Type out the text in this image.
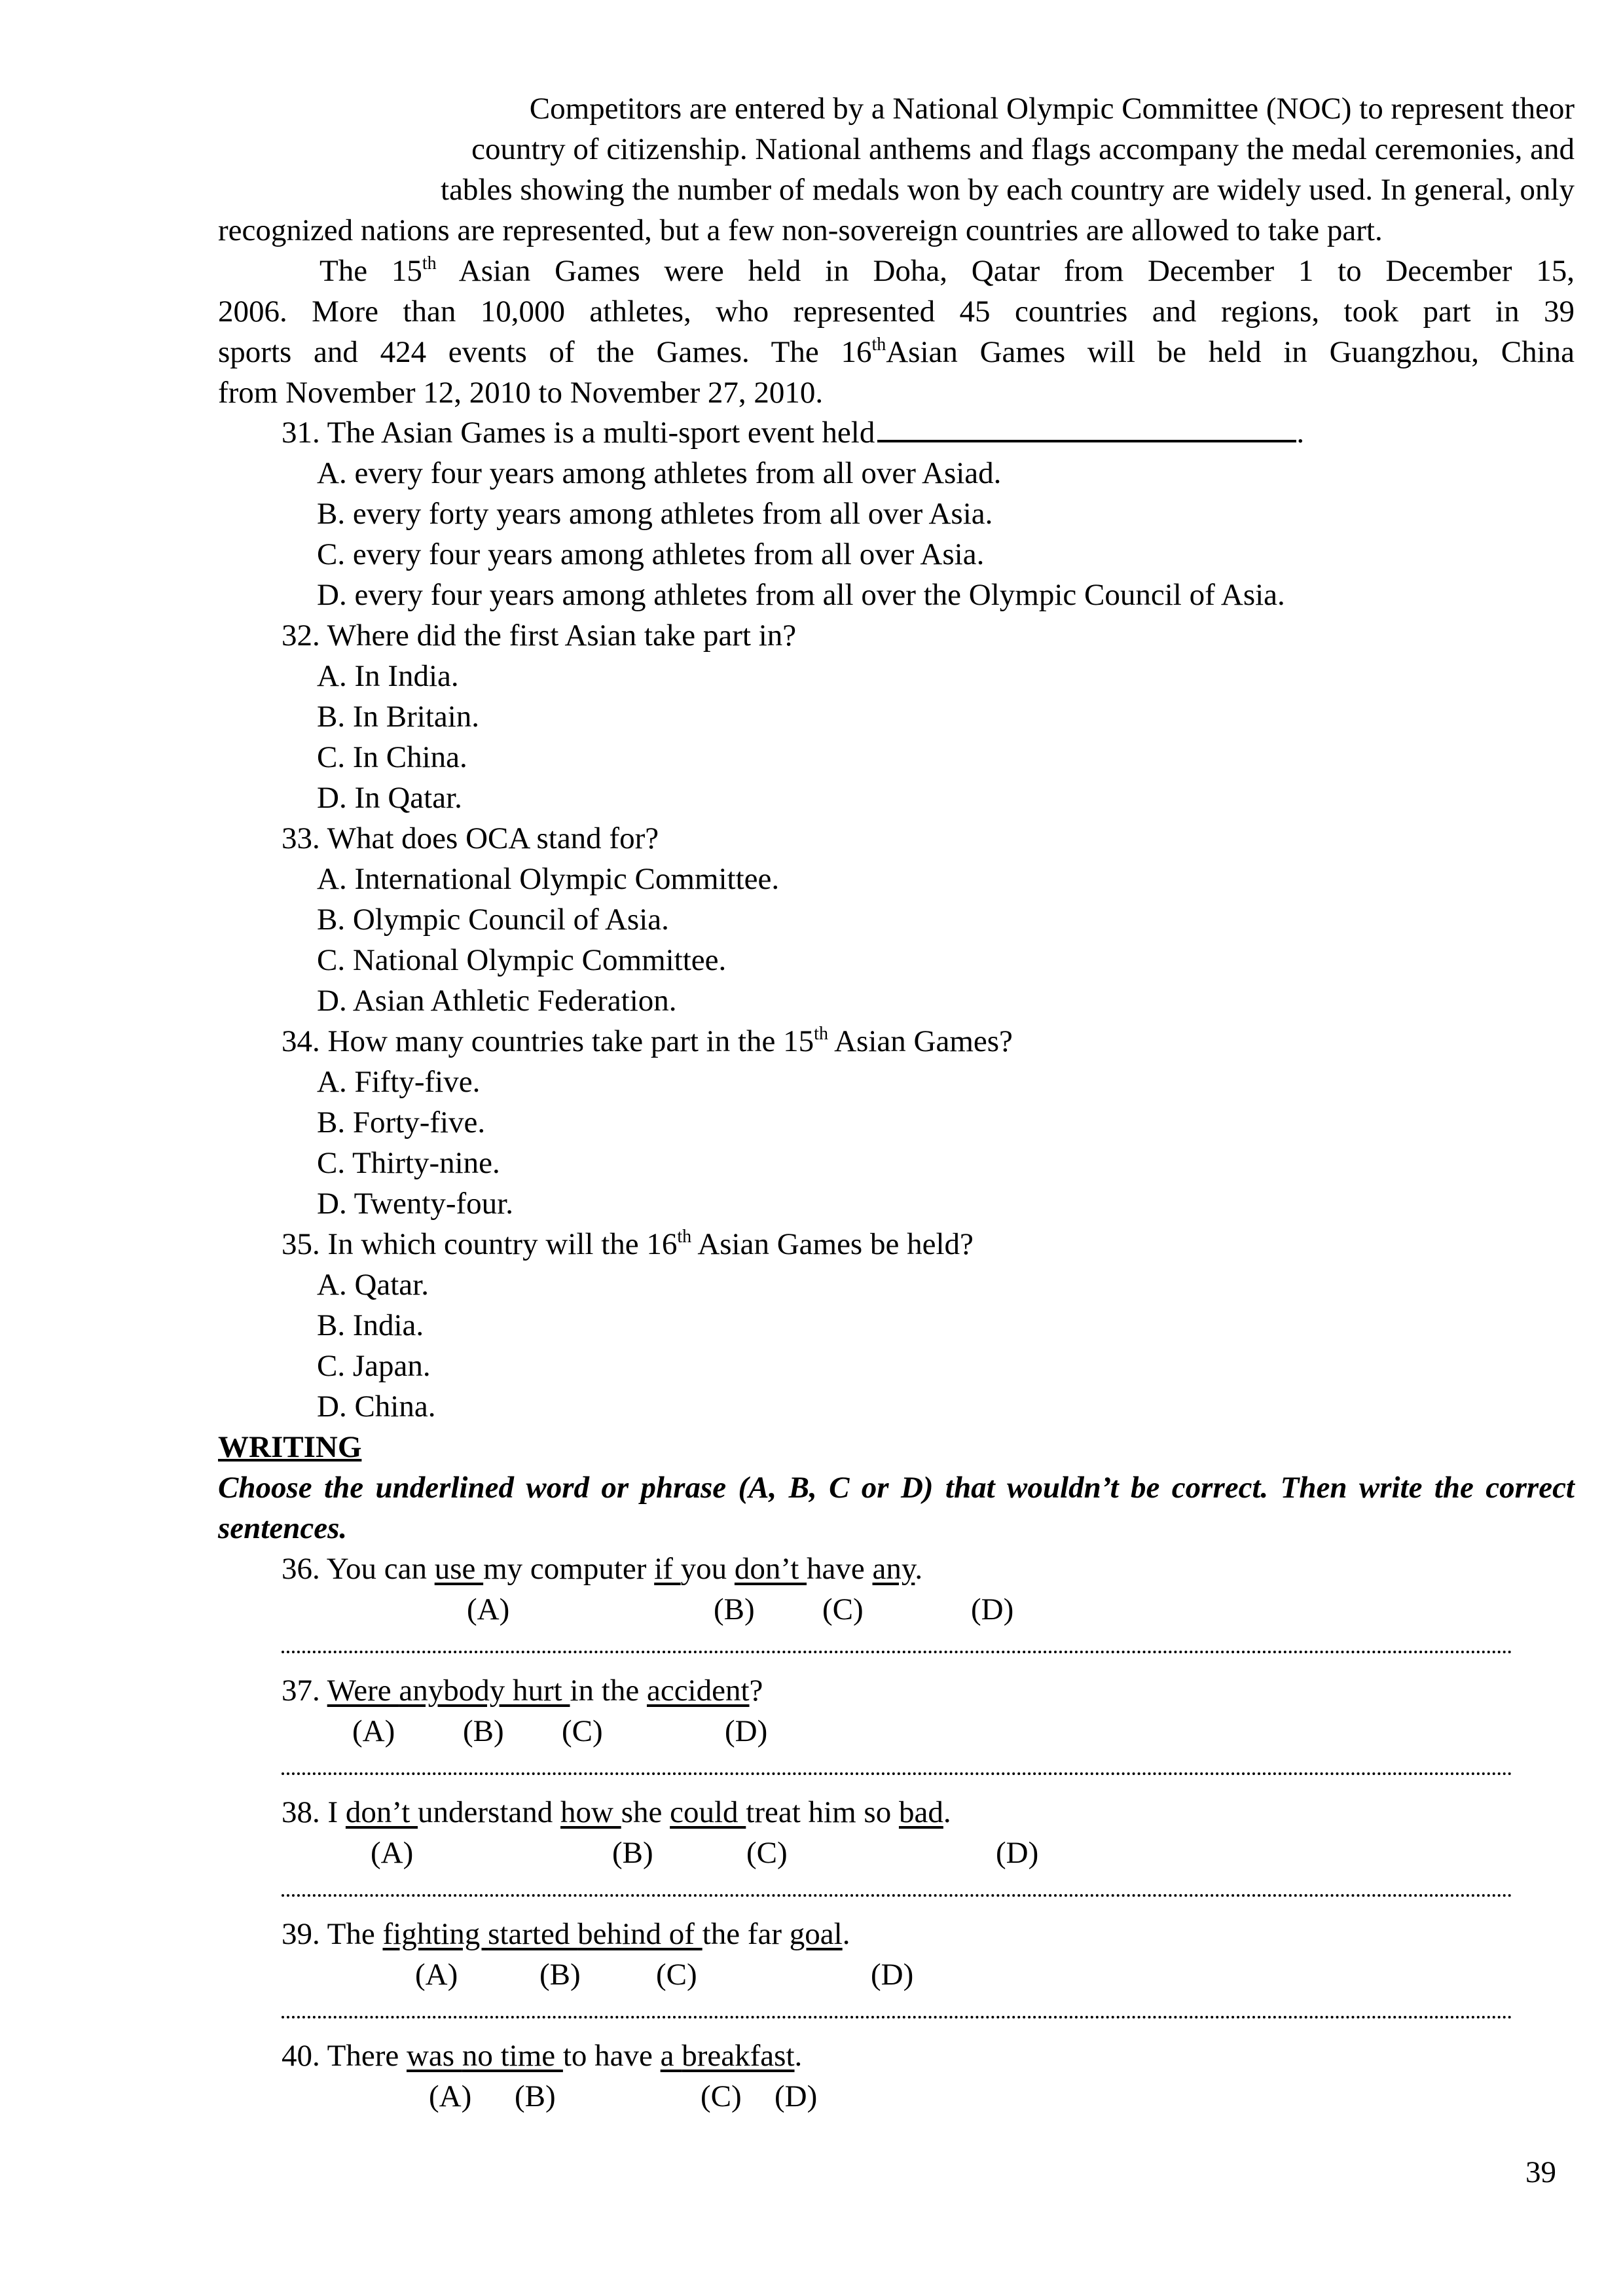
Competitors are entered by a National Olympic Committee (NOC) to represent theor
country of citizenship. National anthems and flags accompany the medal ceremonies, and
tables showing the number of medals won by each country are widely used. In general, only
recognized nations are represented, but a few non-sovereign countries are allowed to take part.
The 15th Asian Games were held in Doha, Qatar from December 1 to December 15,
2006. More than 10,000 athletes, who represented 45 countries and regions, took part in 39
sports and 424 events of the Games. The 16thAsian Games will be held in Guangzhou, China
from November 12, 2010 to November 27, 2010.
31. The Asian Games is a multi-sport event held	.
A. every four years among athletes from all over Asiad.
B. every forty years among athletes from all over Asia.
C. every four years among athletes from all over Asia.
D. every four years among athletes from all over the Olympic Council of Asia.
32. Where did the first Asian take part in?
A. In India.
B. In Britain.
C. In China.
D. In Qatar.
33. What does OCA stand for?
A. International Olympic Committee.
B. Olympic Council of Asia.
C. National Olympic Committee.
D. Asian Athletic Federation.
34. How many countries take part in the 15th Asian Games?
A. Fifty-five.
B. Forty-five.
C. Thirty-nine.
D. Twenty-four.
35. In which country will the 16th Asian Games be held?
A. Qatar.
B. India.
C. Japan.
D. China.
WRITING
Choose the underlined word or phrase (A, B, C or D) that wouldn’t be correct. Then write the correct sentences.
36. You can use my computer if you don’t have any.
(A)	(B) (C)	(D)
37. Were anybody hurt in the accident?
(A) (B) (C)	(D)
38. I don’t understand how she could treat him so bad.
(A)	(B)	(C)	(D)
39. The fighting started behind of the far goal.
(A)	(B) (C)	(D)
40. There was no time to have a breakfast.
(A) (B)	(C) (D)
39
